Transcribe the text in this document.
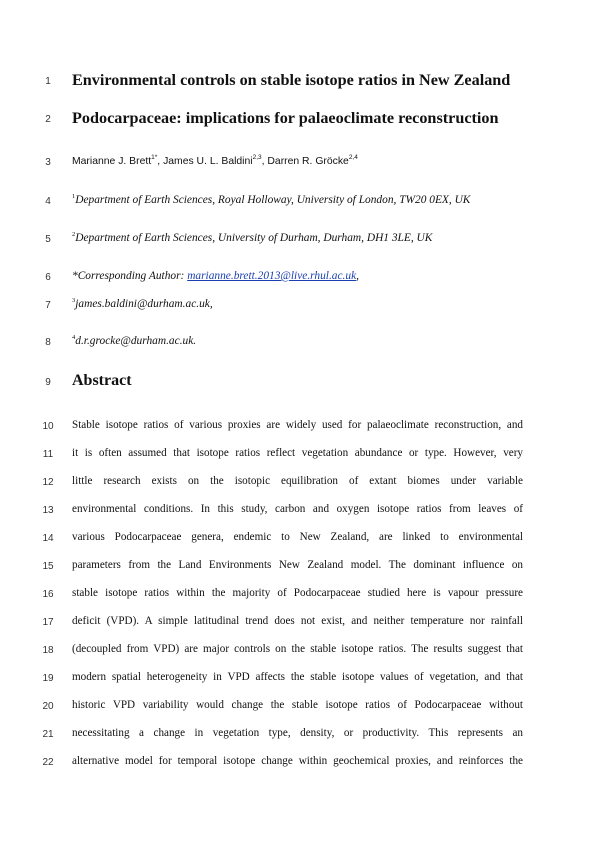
1
2
3
4
5
6
7
8
9
10
11
12
13
14
15
16
17
18
19
20
21
22
Environmental controls on stable isotope ratios in New Zealand
Podocarpaceae: implications for palaeoclimate reconstruction
Marianne J. Brett$^{1*}$, James U. L. Baldini$^{2,3}$, Darren R. Gröcke$^{2,4}$
$^1$Department of Earth Sciences, Royal Holloway, University of London, TW20 0EX, UK
$^2$Department of Earth Sciences, University of Durham, Durham, DH1 3LE, UK
*Corresponding Author: marianne.brett.2013@live.rhul.ac.uk,
$^3$james.baldini@durham.ac.uk,
$^4$d.r.grocke@durham.ac.uk.
Abstract
Stable isotope ratios of various proxies are widely used for palaeoclimate reconstruction, and
it is often assumed that isotope ratios reflect vegetation abundance or type. However, very
little research exists on the isotopic equilibration of extant biomes under variable
environmental conditions. In this study, carbon and oxygen isotope ratios from leaves of
various Podocarpaceae genera, endemic to New Zealand, are linked to environmental
parameters from the Land Environments New Zealand model. The dominant influence on
stable isotope ratios within the majority of Podocarpaceae studied here is vapour pressure
deficit (VPD). A simple latitudinal trend does not exist, and neither temperature nor rainfall
(decoupled from VPD) are major controls on the stable isotope ratios. The results suggest that
modern spatial heterogeneity in VPD affects the stable isotope values of vegetation, and that
historic VPD variability would change the stable isotope ratios of Podocarpaceae without
necessitating a change in vegetation type, density, or productivity. This represents an
alternative model for temporal isotope change within geochemical proxies, and reinforces the
